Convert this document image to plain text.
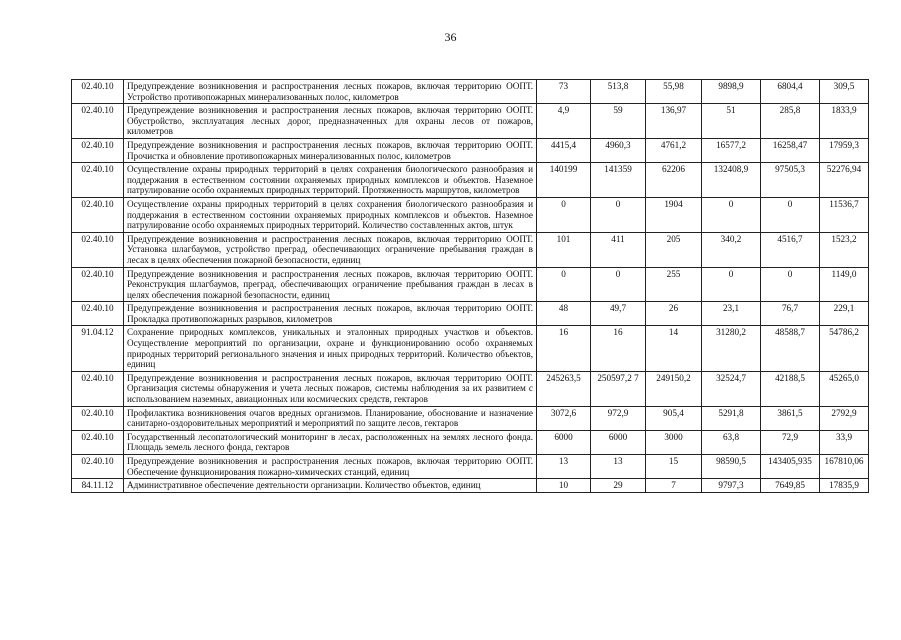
36
02.40.10	Предупреждение возникновения и распространения лесных пожаров, включая территорию ООПТ. Устройство противопожарных минерализованных полос, километров	73	513,8	55,98	9898,9	6804,4	309,5
02.40.10	Предупреждение возникновения и распространения лесных пожаров, включая территорию ООПТ. Обустройство, эксплуатация лесных дорог, предназначенных для охраны лесов от пожаров, километров	4,9	59	136,97	51	285,8	1833,9
02.40.10	Предупреждение возникновения и распространения лесных пожаров, включая территорию ООПТ. Прочистка и обновление противопожарных минерализованных полос, километров	4415,4	4960,3	4761,2	16577,2	16258,47	17959,3
02.40.10	Осуществление охраны природных территорий в целях сохранения биологического разнообразия и поддержания в естественном состоянии охраняемых природных комплексов и объектов. Наземное патрулирование особо охраняемых природных территорий. Протяженность маршрутов, километров	140199	141359	62206	132408,9	97505,3	52276,94
02.40.10	Осуществление охраны природных территорий в целях сохранения биологического разнообразия и поддержания в естественном состоянии охраняемых природных комплексов и объектов. Наземное патрулирование особо охраняемых природных территорий. Количество составленных актов, штук	0	0	1904	0	0	11536,7
02.40.10	Предупреждение возникновения и распространения лесных пожаров, включая территорию ООПТ. Установка шлагбаумов, устройство преград, обеспечивающих ограничение пребывания граждан в лесах в целях обеспечения пожарной безопасности, единиц	101	411	205	340,2	4516,7	1523,2
02.40.10	Предупреждение возникновения и распространения лесных пожаров, включая территорию ООПТ. Реконструкция шлагбаумов, преград, обеспечивающих ограничение пребывания граждан в лесах в целях обеспечения пожарной безопасности, единиц	0	0	255	0	0	1149,0
02.40.10	Предупреждение возникновения и распространения лесных пожаров, включая территорию ООПТ. Прокладка противопожарных разрывов, километров	48	49,7	26	23,1	76,7	229,1
91.04.12	Сохранение природных комплексов, уникальных и эталонных природных участков и объектов. Осуществление мероприятий по организации, охране и функционированию особо охраняемых природных территорий регионального значения и иных природных территорий. Количество объектов, единиц	16	16	14	31280,2	48588,7	54786,2
02.40.10	Предупреждение возникновения и распространения лесных пожаров, включая территорию ООПТ. Организация системы обнаружения и учета лесных пожаров, системы наблюдения за их развитием с использованием наземных, авиационных или космических средств, гектаров	245263,5	250597,2 7	249150,2	32524,7	42188,5	45265,0
02.40.10	Профилактика возникновения очагов вредных организмов. Планирование, обоснование и назначение санитарно-оздоровительных мероприятий и мероприятий по защите лесов, гектаров	3072,6	972,9	905,4	5291,8	3861,5	2792,9
02.40.10	Государственный лесопатологический мониторинг в лесах, расположенных на землях лесного фонда. Площадь земель лесного фонда, гектаров	6000	6000	3000	63,8	72,9	33,9
02.40.10	Предупреждение возникновения и распространения лесных пожаров, включая территорию ООПТ. Обеспечение функционирования пожарно-химических станций, единиц	13	13	15	98590,5	143405,935	167810,06
84.11.12	Административное обеспечение деятельности организации. Количество объектов, единиц	10	29	7	9797,3	7649,85	17835,9
